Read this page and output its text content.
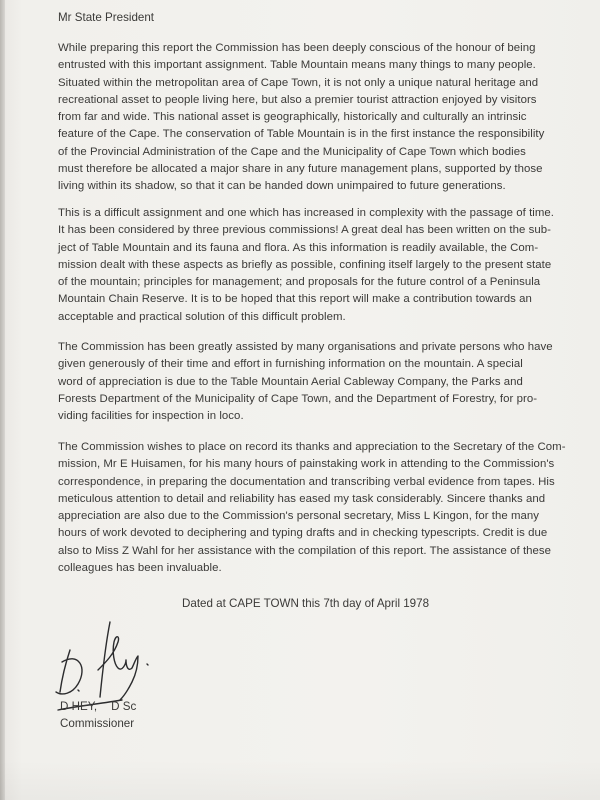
Mr State President

While preparing this report the Commission has been deeply conscious of the honour of being
entrusted with this important assignment. Table Mountain means many things to many people.
Situated within the metropolitan area of Cape Town, it is not only a unique natural heritage and
recreational asset to people living here, but also a premier tourist attraction enjoyed by visitors
from far and wide. This national asset is geographically, historically and culturally an intrinsic
feature of the Cape. The conservation of Table Mountain is in the first instance the responsibility
of the Provincial Administration of the Cape and the Municipality of Cape Town which bodies
must therefore be allocated a major share in any future management plans, supported by those
living within its shadow, so that it can be handed down unimpaired to future generations.

This is a difficult assignment and one which has increased in complexity with the passage of time.
It has been considered by three previous commissions! A great deal has been written on the sub-
ject of Table Mountain and its fauna and flora. As this information is readily available, the Com-
mission dealt with these aspects as briefly as possible, confining itself largely to the present state
of the mountain; principles for management; and proposals for the future control of a Peninsula
Mountain Chain Reserve. It is to be hoped that this report will make a contribution towards an
acceptable and practical solution of this difficult problem.

The Commission has been greatly assisted by many organisations and private persons who have
given generously of their time and effort in furnishing information on the mountain. A special
word of appreciation is due to the Table Mountain Aerial Cableway Company, the Parks and
Forests Department of the Municipality of Cape Town, and the Department of Forestry, for pro-
viding facilities for inspection in loco.

The Commission wishes to place on record its thanks and appreciation to the Secretary of the Com-
mission, Mr E Huisamen, for his many hours of painstaking work in attending to the Commission's
correspondence, in preparing the documentation and transcribing verbal evidence from tapes. His
meticulous attention to detail and reliability has eased my task considerably. Sincere thanks and
appreciation are also due to the Commission's personal secretary, Miss L Kingon, for the many
hours of work devoted to deciphering and typing drafts and in checking typescripts. Credit is due
also to Miss Z Wahl for her assistance with the compilation of this report. The assistance of these
colleagues has been invaluable.

Dated at CAPE TOWN this 7th day of April 1978

D HEY, D Sc

Commissioner
